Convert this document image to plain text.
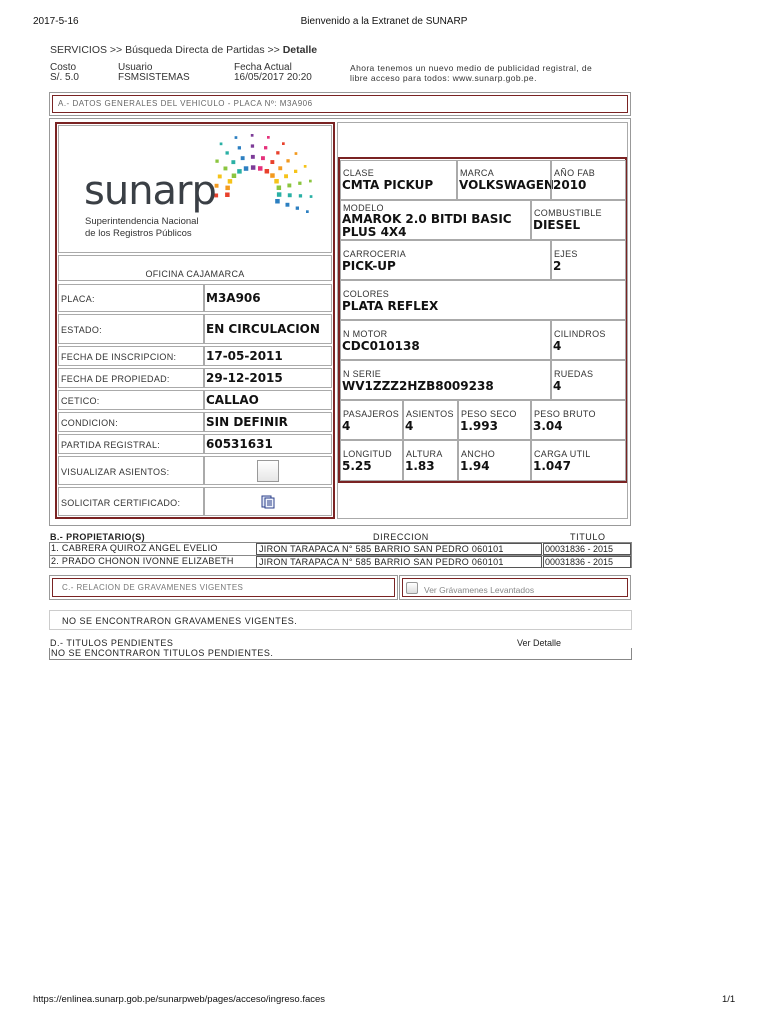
2017-5-16	Bienvenido a la Extranet de SUNARP
SERVICIOS >> Búsqueda Directa de Partidas >> Detalle
Costo
S/. 5.0
Usuario
FSMSISTEMAS
Fecha Actual
16/05/2017 20:20
Ahora tenemos un nuevo medio de publicidad registral, de
libre acceso para todos: www.sunarp.gob.pe.
A.- DATOS GENERALES DEL VEHICULO - PLACA Nº: M3A906
sunarp
Superintendencia Nacional
de los Registros Públicos
OFICINA CAJAMARCA
PLACA:	M3A906
ESTADO:	EN CIRCULACION
FECHA DE INSCRIPCION: 17-05-2011
FECHA DE PROPIEDAD:	29-12-2015
CETICO:	CALLAO
CONDICION:	SIN DEFINIR
PARTIDA REGISTRAL:	60531631
VISUALIZAR ASIENTOS:
SOLICITAR CERTIFICADO:
CLASE
CMTA PICKUP
MARCA
VOLKSWAGEN
AÑO FAB
2010
MODELO
AMAROK 2.0 BITDI BASIC
PLUS 4X4
COMBUSTIBLE
DIESEL
CARROCERIA
PICK-UP
EJES
2
COLORES
PLATA REFLEX
N MOTOR
CDC010138
CILINDROS
4
N SERIE
WV1ZZZ2HZB8009238
RUEDAS
4
PASAJEROS
4
ASIENTOS
4
PESO SECO
1.993
PESO BRUTO
3.04
LONGITUD
5.25
ALTURA
1.83
ANCHO
1.94
CARGA UTIL
1.047
B.- PROPIETARIO(S)	DIRECCION	TITULO
1. CABRERA QUIROZ ANGEL EVELIO	JIRON TARAPACA N° 585 BARRIO SAN PEDRO 060101	00031836 - 2015
2. PRADO CHONON IVONNE ELIZABETH	JIRON TARAPACA N° 585 BARRIO SAN PEDRO 060101	00031836 - 2015
C.- RELACION DE GRAVAMENES VIGENTES	Ver Grávamenes Levantados
NO SE ENCONTRARON GRAVAMENES VIGENTES.
D.- TITULOS PENDIENTES	Ver Detalle
NO SE ENCONTRARON TITULOS PENDIENTES.
https://enlinea.sunarp.gob.pe/sunarpweb/pages/acceso/ingreso.faces	1/1
